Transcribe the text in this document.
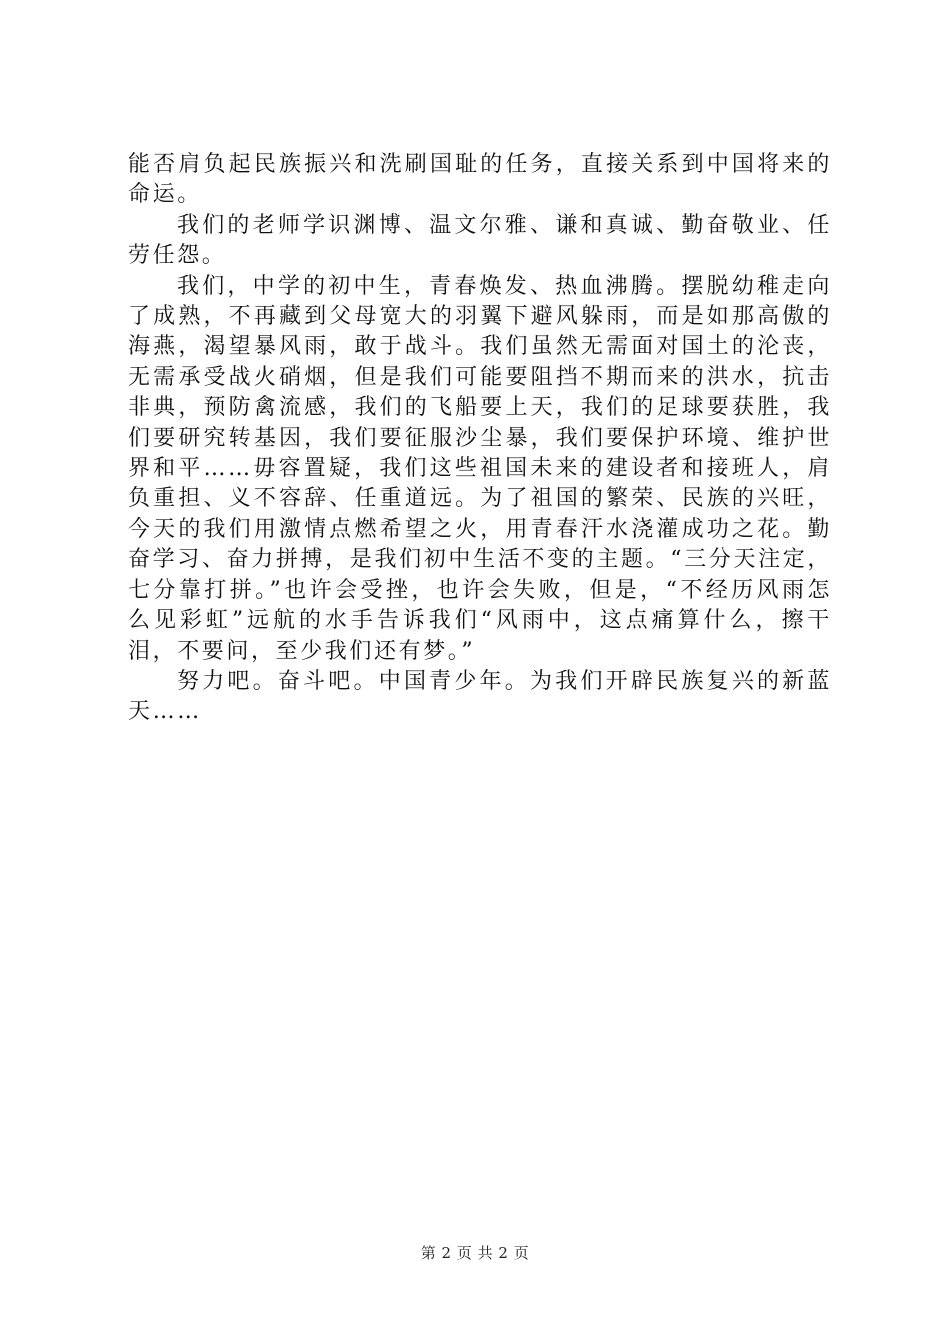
能否肩负起民族振兴和洗刷国耻的任务，直接关系到中国将来的命运。

我们的老师学识渊博、温文尔雅、谦和真诚、勤奋敬业、任劳任怨。

我们，中学的初中生，青春焕发、热血沸腾。摆脱幼稚走向了成熟，不再藏到父母宽大的羽翼下避风躲雨，而是如那高傲的海燕，渴望暴风雨，敢于战斗。我们虽然无需面对国土的沦丧，无需承受战火硝烟，但是我们可能要阻挡不期而来的洪水，抗击非典，预防禽流感，我们的飞船要上天，我们的足球要获胜，我们要研究转基因，我们要征服沙尘暴，我们要保护环境、维护世界和平……毋容置疑，我们这些祖国未来的建设者和接班人，肩负重担、义不容辞、任重道远。为了祖国的繁荣、民族的兴旺，今天的我们用激情点燃希望之火，用青春汗水浇灌成功之花。勤奋学习、奋力拼搏，是我们初中生活不变的主题。“三分天注定，七分靠打拼。”也许会受挫，也许会失败，但是，“不经历风雨怎么见彩虹”远航的水手告诉我们“风雨中，这点痛算什么，擦干泪，不要问，至少我们还有梦。”

努力吧。奋斗吧。中国青少年。为我们开辟民族复兴的新蓝天……

第 2 页 共 2 页
